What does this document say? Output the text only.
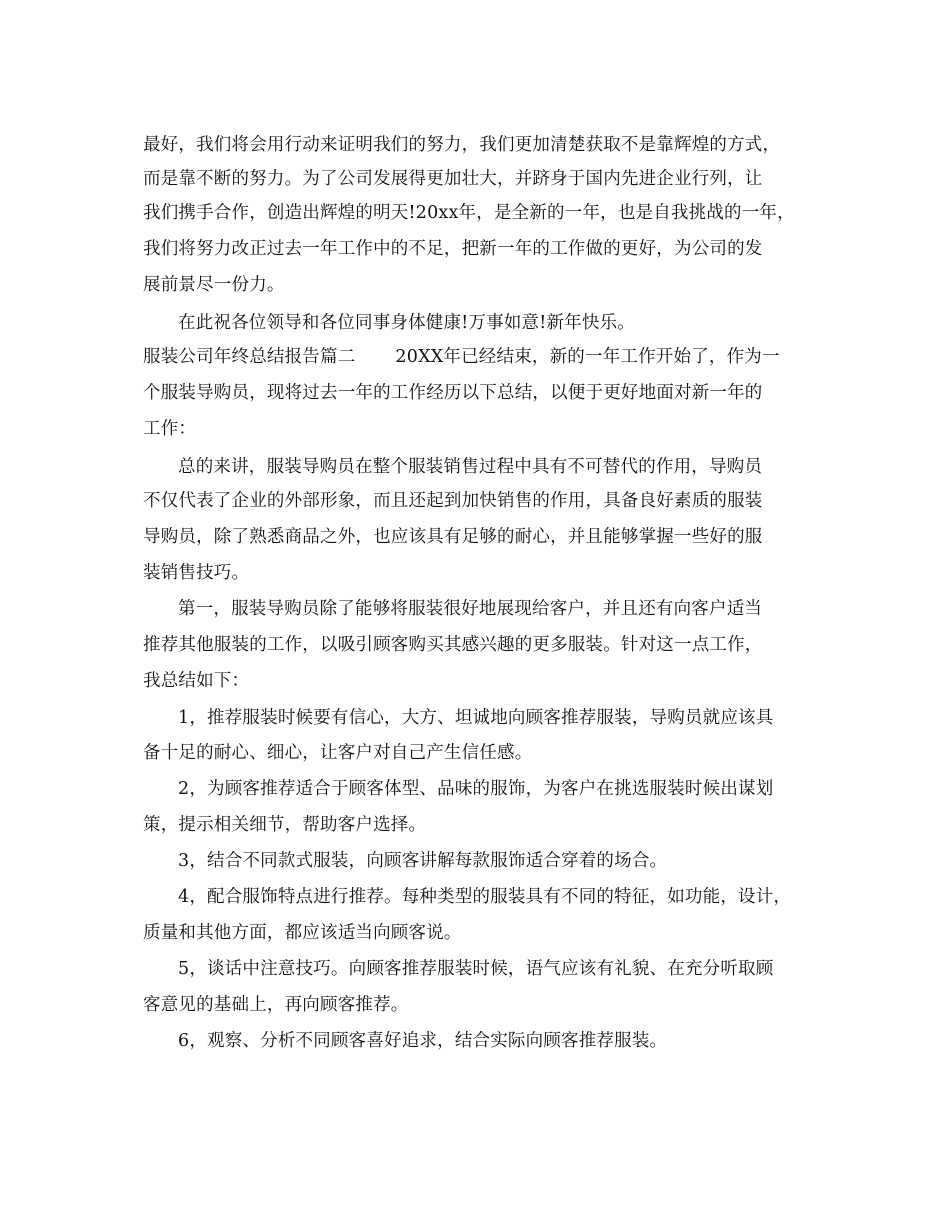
最好，我们将会用行动来证明我们的努力，我们更加清楚获取不是靠辉煌的方式，
而是靠不断的努力。为了公司发展得更加壮大，并跻身于国内先进企业行列，让
我们携手合作，创造出辉煌的明天!20xx年，是全新的一年，也是自我挑战的一年，
我们将努力改正过去一年工作中的不足，把新一年的工作做的更好，为公司的发
展前景尽一份力。
在此祝各位领导和各位同事身体健康!万事如意!新年快乐。
服装公司年终总结报告篇二 20XX年已经结束，新的一年工作开始了，作为一
个服装导购员，现将过去一年的工作经历以下总结，以便于更好地面对新一年的
工作：
总的来讲，服装导购员在整个服装销售过程中具有不可替代的作用，导购员
不仅代表了企业的外部形象，而且还起到加快销售的作用，具备良好素质的服装
导购员，除了熟悉商品之外，也应该具有足够的耐心，并且能够掌握一些好的服
装销售技巧。
第一，服装导购员除了能够将服装很好地展现给客户，并且还有向客户适当
推荐其他服装的工作，以吸引顾客购买其感兴趣的更多服装。针对这一点工作，
我总结如下：
1，推荐服装时候要有信心，大方、坦诚地向顾客推荐服装，导购员就应该具
备十足的耐心、细心，让客户对自己产生信任感。
2，为顾客推荐适合于顾客体型、品味的服饰，为客户在挑选服装时候出谋划
策，提示相关细节，帮助客户选择。
3，结合不同款式服装，向顾客讲解每款服饰适合穿着的场合。
4，配合服饰特点进行推荐。每种类型的服装具有不同的特征，如功能，设计，
质量和其他方面，都应该适当向顾客说。
5，谈话中注意技巧。向顾客推荐服装时候，语气应该有礼貌、在充分听取顾
客意见的基础上，再向顾客推荐。
6，观察、分析不同顾客喜好追求，结合实际向顾客推荐服装。
